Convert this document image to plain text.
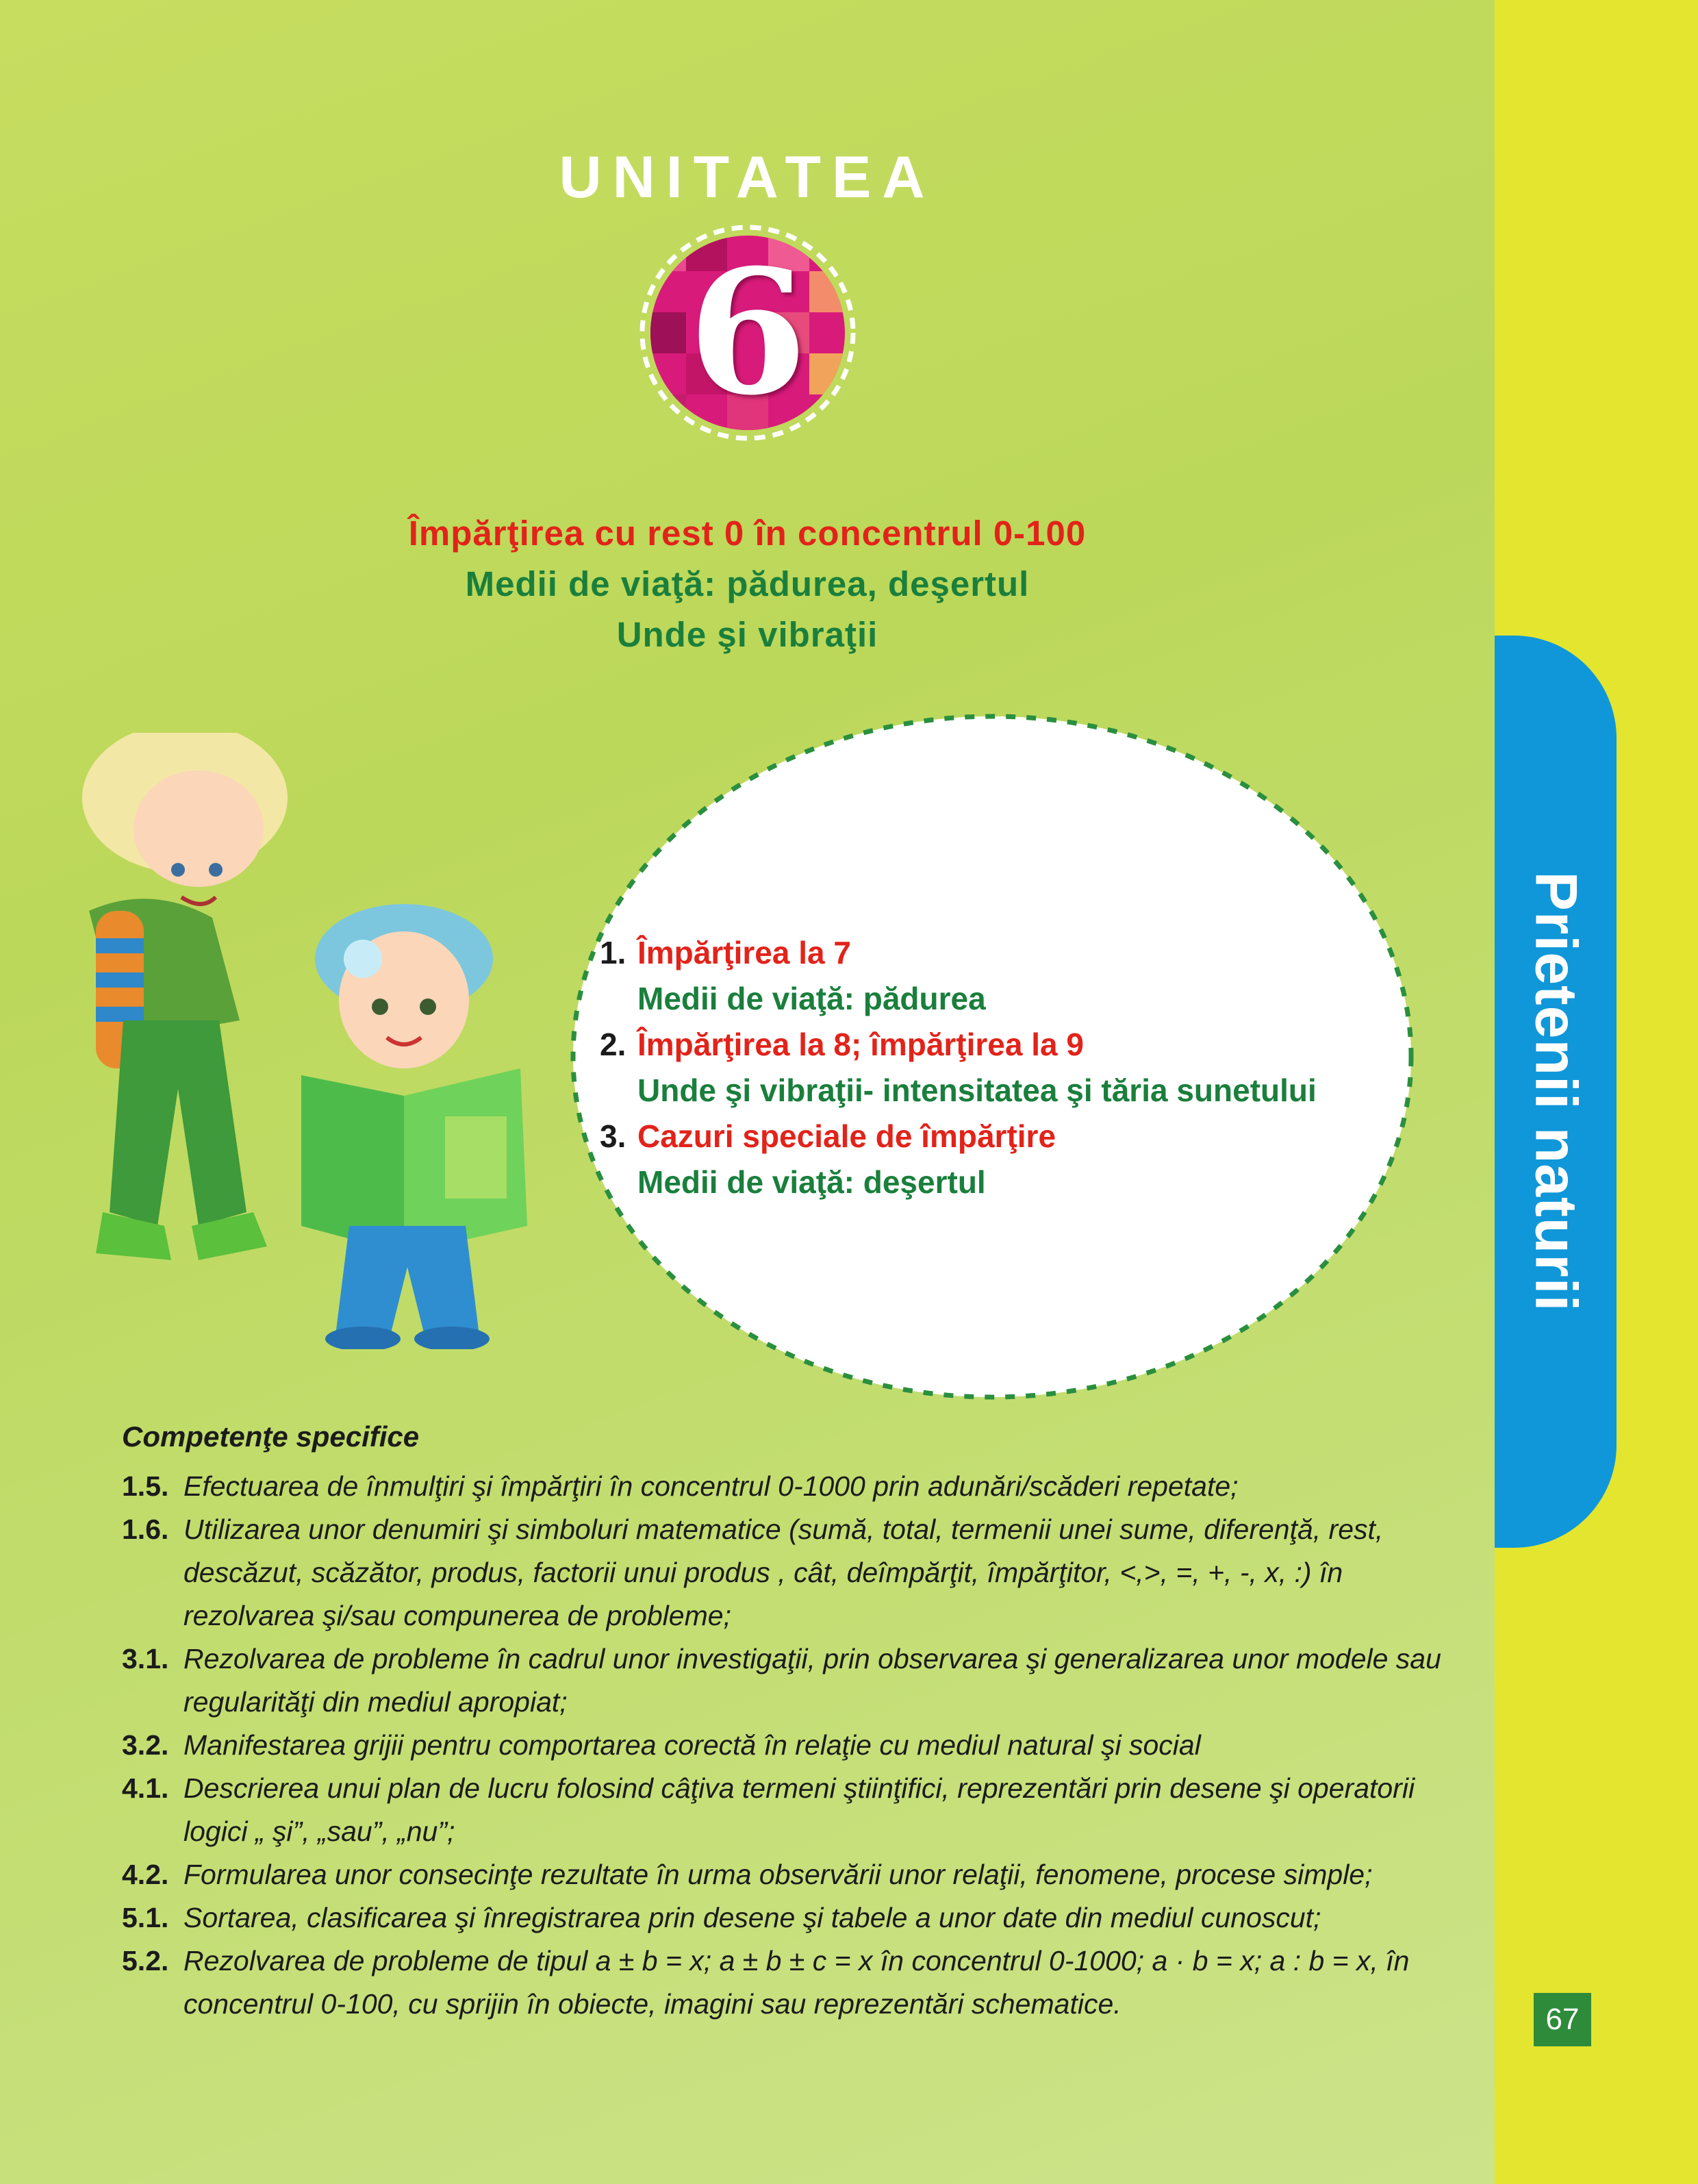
Prietenii naturii
67
UNITATEA
6
Împărţirea cu rest 0 în concentrul 0-100
Medii de viaţă: pădurea, deşertul
Unde şi vibraţii
1. Împărţirea la 7
Medii de viaţă: pădurea
2. Împărţirea la 8; împărţirea la 9
Unde şi vibraţii- intensitatea şi tăria sunetului
3. Cazuri speciale de împărţire
Medii de viaţă: deşertul
Competenţe specifice
1.5. Efectuarea de înmulţiri şi împărţiri în concentrul 0-1000 prin adunări/scăderi repetate;
1.6. Utilizarea unor denumiri şi simboluri matematice (sumă, total, termenii unei sume, diferenţă, rest, descăzut, scăzător, produs, factorii unui produs , cât, deîmpărţit, împărţitor, <,>, =, +, -, x, :) în rezolvarea şi/sau compunerea de probleme;
3.1. Rezolvarea de probleme în cadrul unor investigaţii, prin observarea şi generalizarea unor modele sau regularităţi din mediul apropiat;
3.2. Manifestarea grijii pentru comportarea corectă în relaţie cu mediul natural şi social
4.1. Descrierea unui plan de lucru folosind câţiva termeni ştiinţifici, reprezentări prin desene şi operatorii logici „ şi”, „sau”, „nu”;
4.2. Formularea unor consecinţe rezultate în urma observării unor relaţii, fenomene, procese simple;
5.1. Sortarea, clasificarea şi înregistrarea prin desene şi tabele a unor date din mediul cunoscut;
5.2. Rezolvarea de probleme de tipul a ± b = x; a ± b ± c = x în concentrul 0-1000; a · b = x; a : b = x, în concentrul 0-100, cu sprijin în obiecte, imagini sau reprezentări schematice.
